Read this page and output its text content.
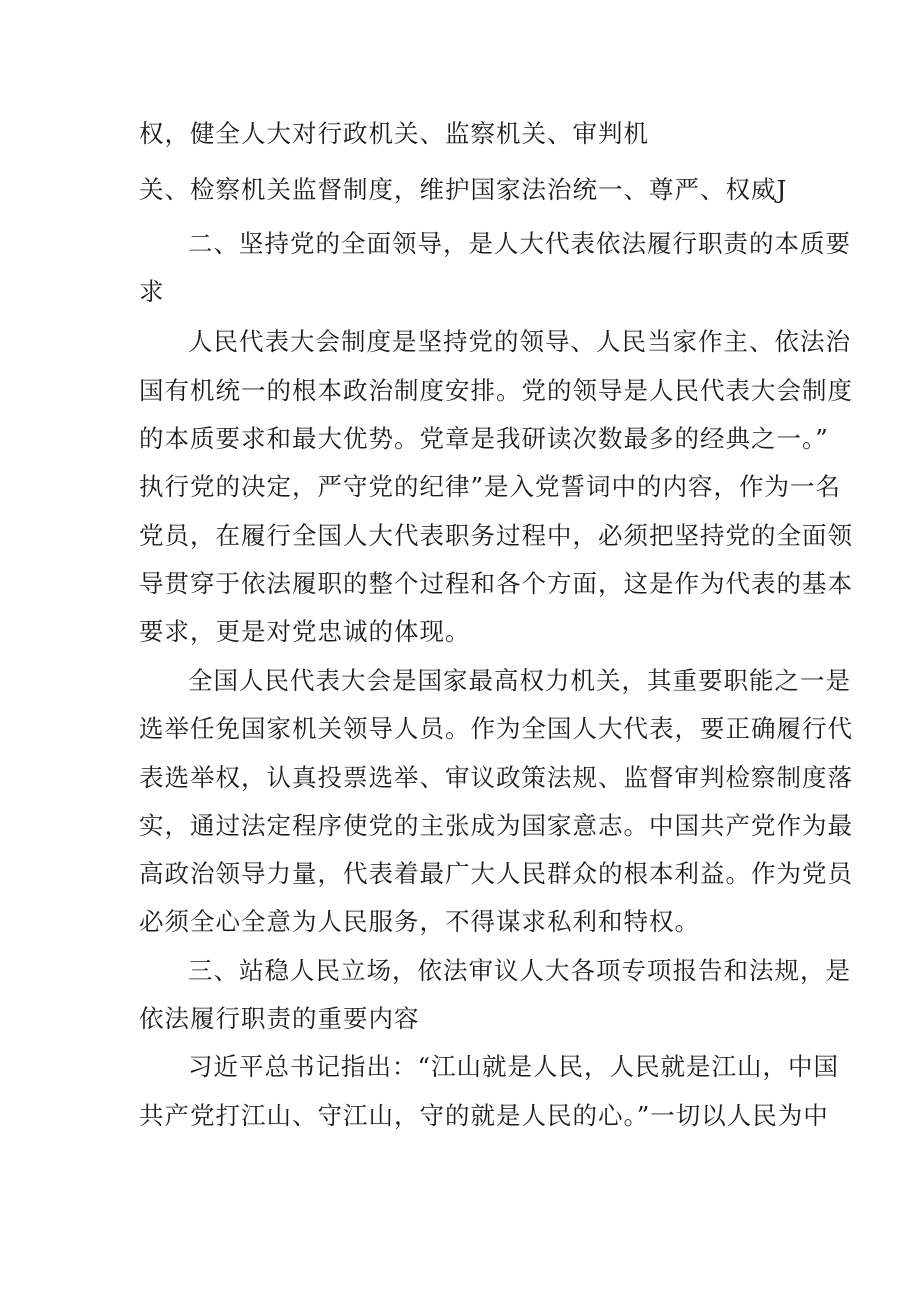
权，健全人大对行政机关、监察机关、审判机
关、检察机关监督制度，维护国家法治统一、尊严、权威J
二、坚持党的全面领导，是人大代表依法履行职责的本质要
求
人民代表大会制度是坚持党的领导、人民当家作主、依法治
国有机统一的根本政治制度安排。党的领导是人民代表大会制度
的本质要求和最大优势。党章是我研读次数最多的经典之一。”
执行党的决定，严守党的纪律”是入党誓词中的内容，作为一名
党员，在履行全国人大代表职务过程中，必须把坚持党的全面领
导贯穿于依法履职的整个过程和各个方面，这是作为代表的基本
要求，更是对党忠诚的体现。
全国人民代表大会是国家最高权力机关，其重要职能之一是
选举任免国家机关领导人员。作为全国人大代表，要正确履行代
表选举权，认真投票选举、审议政策法规、监督审判检察制度落
实，通过法定程序使党的主张成为国家意志。中国共产党作为最
高政治领导力量，代表着最广大人民群众的根本利益。作为党员
必须全心全意为人民服务，不得谋求私利和特权。
三、站稳人民立场，依法审议人大各项专项报告和法规，是
依法履行职责的重要内容
习近平总书记指出：“江山就是人民，人民就是江山，中国
共产党打江山、守江山，守的就是人民的心。”一切以人民为中
